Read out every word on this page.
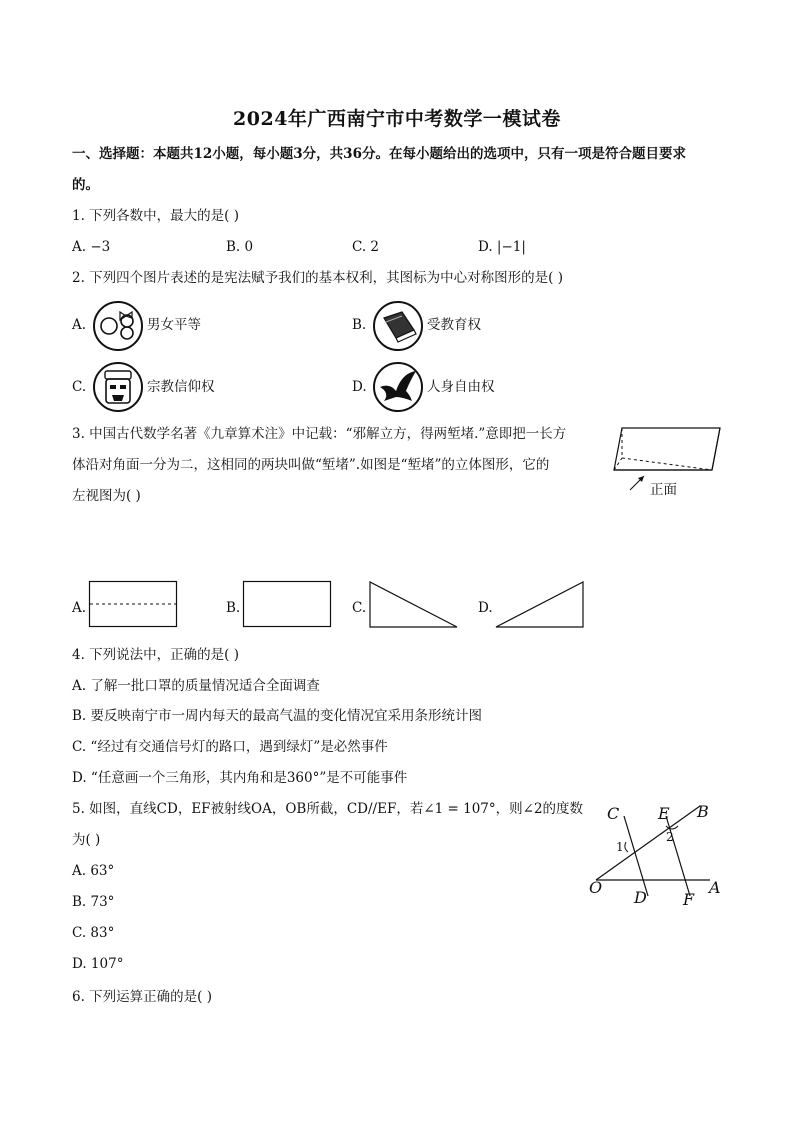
2024年广西南宁市中考数学一模试卷
一、选择题：本题共12小题，每小题3分，共36分。在每小题给出的选项中，只有一项是符合题目要求
的。
1. 下列各数中，最大的是( )
A. −3	B. 0	C. 2	D. |−1|
2. 下列四个图片表述的是宪法赋予我们的基本权利，其图标为中心对称图形的是( )
A.	男女平等	B.	受教育权
C.	宗教信仰权	D.	人身自由权
3. 中国古代数学名著《九章算术注》中记载：“邪解立方，得两堑堵.”意即把一长方
体沿对角面一分为二，这相同的两块叫做“堑堵”.如图是“堑堵”的立体图形，它的
左视图为( )	正面
A.	B.	C.	D.
4. 下列说法中，正确的是( )
A. 了解一批口罩的质量情况适合全面调查
B. 要反映南宁市一周内每天的最高气温的变化情况宜采用条形统计图
C. “经过有交通信号灯的路口，遇到绿灯”是必然事件
D. “任意画一个三角形，其内角和是360°”是不可能事件
5. 如图，直线CD，EF被射线OA，OB所截，CD//EF，若∠1 = 107°，则∠2的度数
为( )
A. 63°
B. 73°
C. 83°
D. 107°
C E B
O
D F
A
1
2
6. 下列运算正确的是( )
